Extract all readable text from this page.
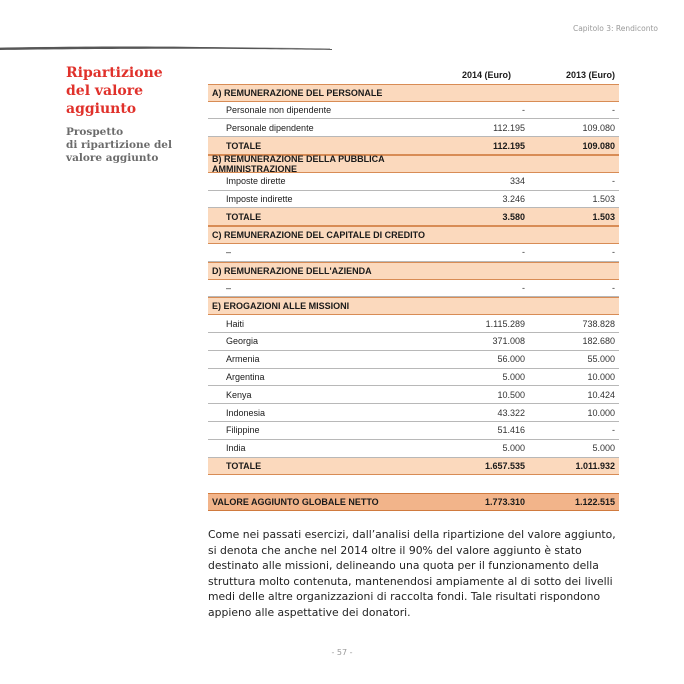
Capitolo 3: Rendiconto
Ripartizione
del valore
aggiunto
Prospetto
di ripartizione del
valore aggiunto
2014 (Euro)	2013 (Euro)
A) REMUNERAZIONE DEL PERSONALE
Personale non dipendente	-	-
Personale dipendente	112.195	109.080
TOTALE	112.195	109.080
B) REMUNERAZIONE DELLA PUBBLICA AMMINISTRAZIONE
Imposte dirette	334	-
Imposte indirette	3.246	1.503
TOTALE	3.580	1.503
C) REMUNERAZIONE DEL CAPITALE DI CREDITO
–	-	-
D) REMUNERAZIONE DELL'AZIENDA
–	-	-
E) EROGAZIONI ALLE MISSIONI
Haiti	1.115.289	738.828
Georgia	371.008	182.680
Armenia	56.000	55.000
Argentina	5.000	10.000
Kenya	10.500	10.424
Indonesia	43.322	10.000
Filippine	51.416	-
India	5.000	5.000
TOTALE	1.657.535	1.011.932
VALORE AGGIUNTO GLOBALE NETTO	1.773.310	1.122.515

Come nei passati esercizi, dall’analisi della ripartizione del valore aggiunto, si denota che anche nel 2014 oltre il 90% del valore aggiunto è stato destinato alle missioni, delineando una quota per il funzionamento della struttura molto contenuta, mantenendosi ampiamente al di sotto dei livelli medi delle altre organizzazioni di raccolta fondi. Tale risultati rispondono appieno alle aspettative dei donatori.

- 57 -
